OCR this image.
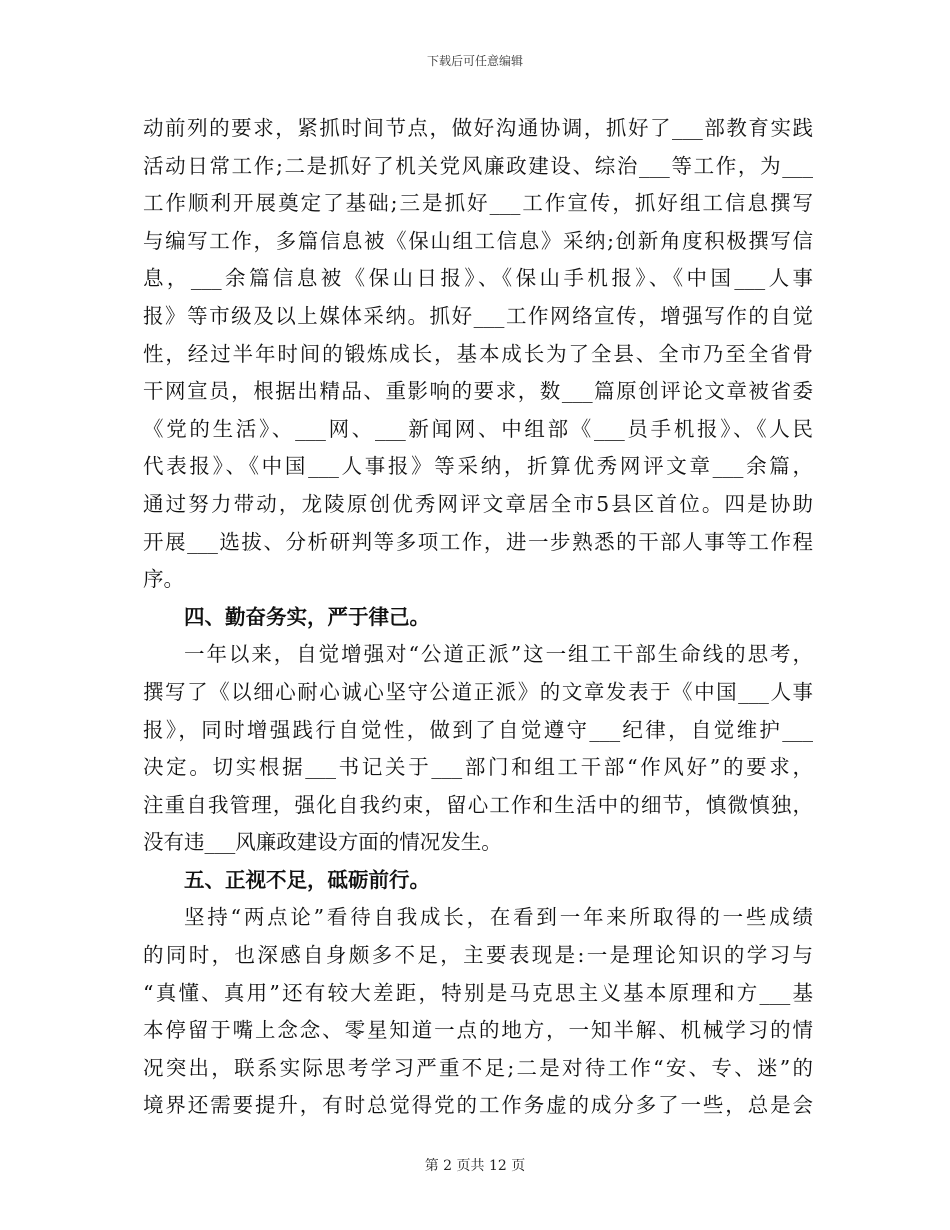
下载后可任意编辑
动前列的要求，紧抓时间节点，做好沟通协调，抓好了___部教育实践
活动日常工作;二是抓好了机关党风廉政建设、综治___等工作，为___
工作顺利开展奠定了基础;三是抓好___工作宣传，抓好组工信息撰写
与编写工作，多篇信息被《保山组工信息》采纳;创新角度积极撰写信
息，___余篇信息被《保山日报》、《保山手机报》、《中国___人事
报》等市级及以上媒体采纳。抓好___工作网络宣传，增强写作的自觉
性，经过半年时间的锻炼成长，基本成长为了全县、全市乃至全省骨
干网宣员，根据出精品、重影响的要求，数___篇原创评论文章被省委
《党的生活》、___网、___新闻网、中组部《___员手机报》、《人民
代表报》、《中国___人事报》等采纳，折算优秀网评文章___余篇，
通过努力带动，龙陵原创优秀网评文章居全市5县区首位。四是协助
开展___选拔、分析研判等多项工作，进一步熟悉的干部人事等工作程
序。
四、勤奋务实，严于律己。
一年以来，自觉增强对“公道正派”这一组工干部生命线的思考，
撰写了《以细心耐心诚心坚守公道正派》的文章发表于《中国___人事
报》，同时增强践行自觉性，做到了自觉遵守___纪律，自觉维护___
决定。切实根据___书记关于___部门和组工干部“作风好”的要求，
注重自我管理，强化自我约束，留心工作和生活中的细节，慎微慎独，
没有违___风廉政建设方面的情况发生。
五、正视不足，砥砺前行。
坚持“两点论”看待自我成长，在看到一年来所取得的一些成绩
的同时，也深感自身颇多不足，主要表现是:一是理论知识的学习与
“真懂、真用”还有较大差距，特别是马克思主义基本原理和方___基
本停留于嘴上念念、零星知道一点的地方，一知半解、机械学习的情
况突出，联系实际思考学习严重不足;二是对待工作“安、专、迷”的
境界还需要提升，有时总觉得党的工作务虚的成分多了一些，总是会
第 2 页共 12 页
